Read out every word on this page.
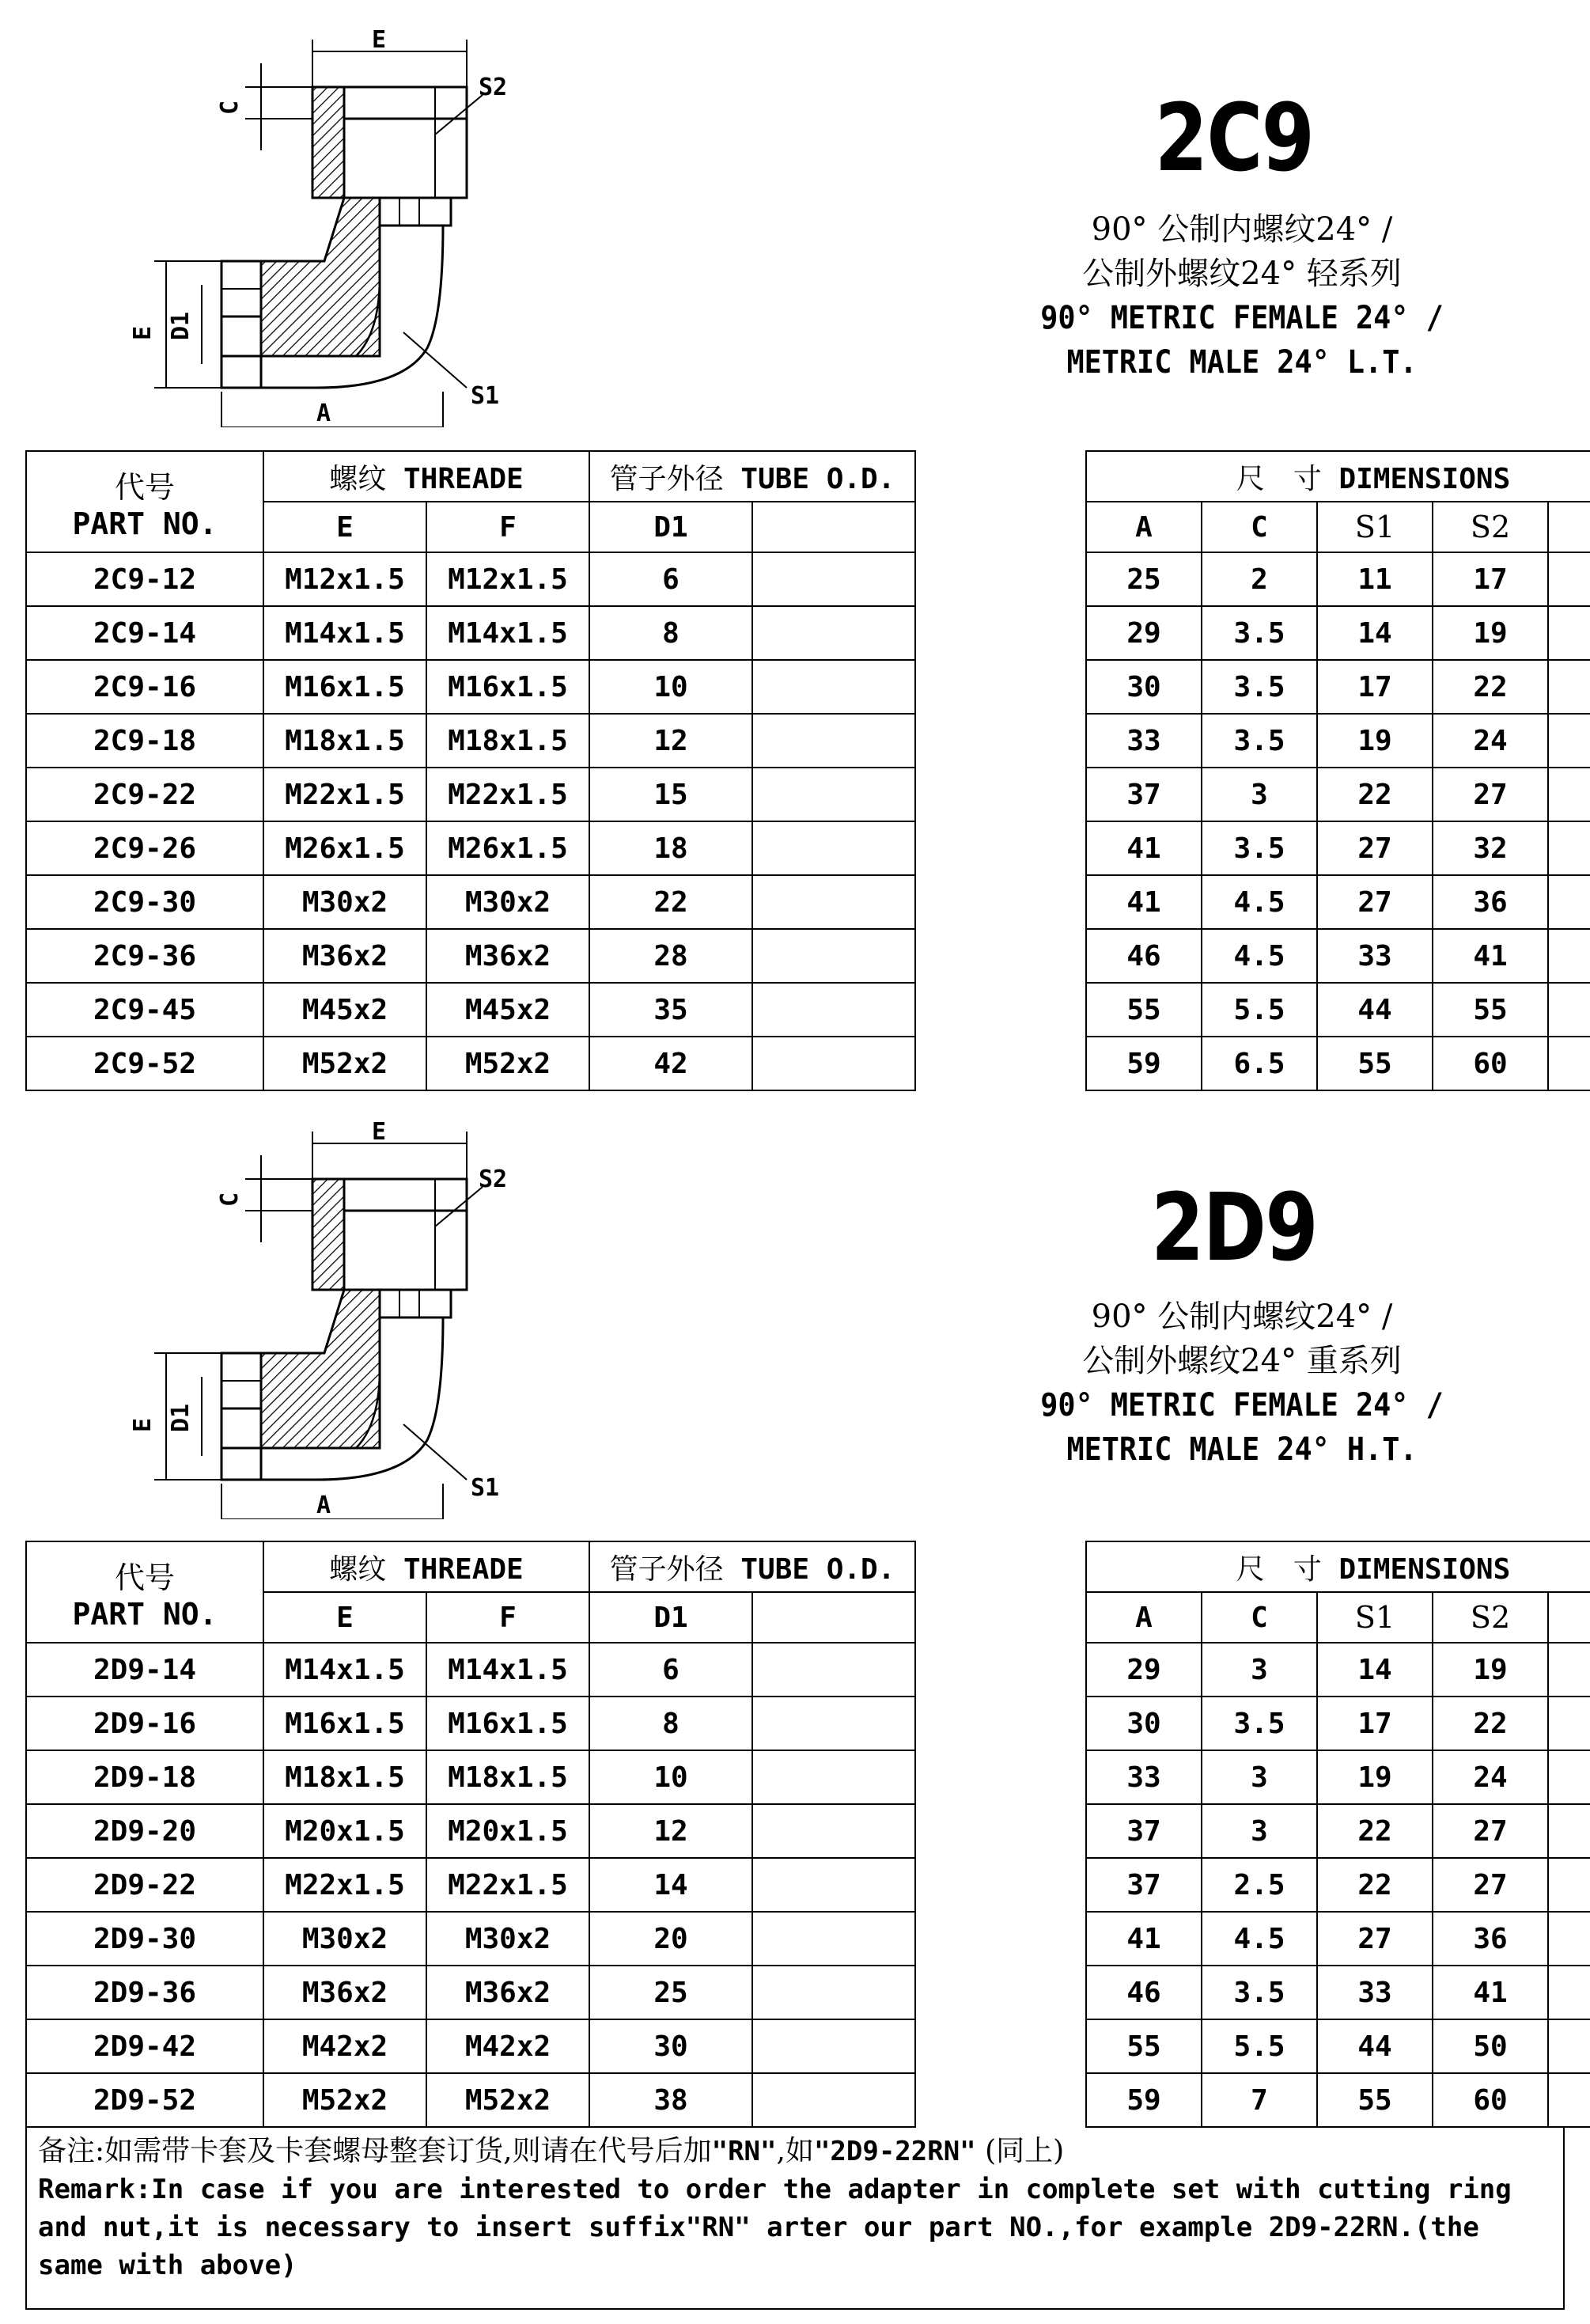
E
C
S2
S1
E D1
A
2C9
90° 公制内螺纹24° /
公制外螺纹24° 轻系列
90° METRIC FEMALE 24° /
METRIC MALE 24° L.T.
代号
PART NO.	螺纹 THREADE		管子外径 TUBE O.D.			尺　寸 DIMENSIONS				
	E	F	D1			A	C	S1	S2	
2C9-12	M12x1.5	M12x1.5	6			25	2	11	17	
2C9-14	M14x1.5	M14x1.5	8			29	3.5	14	19	
2C9-16	M16x1.5	M16x1.5	10			30	3.5	17	22	
2C9-18	M18x1.5	M18x1.5	12			33	3.5	19	24	
2C9-22	M22x1.5	M22x1.5	15			37	3	22	27	
2C9-26	M26x1.5	M26x1.5	18			41	3.5	27	32	
2C9-30	M30x2	M30x2	22			41	4.5	27	36	
2C9-36	M36x2	M36x2	28			46	4.5	33	41	
2C9-45	M45x2	M45x2	35			55	5.5	44	55	
2C9-52	M52x2	M52x2	42			59	6.5	55	60	
E
C
S2
S1
E D1
A
2D9
90° 公制内螺纹24° /
公制外螺纹24° 重系列
90° METRIC FEMALE 24° /
METRIC MALE 24° H.T.
代号
PART NO.	螺纹 THREADE		管子外径 TUBE O.D.			尺　寸 DIMENSIONS				
	E	F	D1			A	C	S1	S2	
2D9-14	M14x1.5	M14x1.5	6			29	3	14	19	
2D9-16	M16x1.5	M16x1.5	8			30	3.5	17	22	
2D9-18	M18x1.5	M18x1.5	10			33	3	19	24	
2D9-20	M20x1.5	M20x1.5	12			37	3	22	27	
2D9-22	M22x1.5	M22x1.5	14			37	2.5	22	27	
2D9-30	M30x2	M30x2	20			41	4.5	27	36	
2D9-36	M36x2	M36x2	25			46	3.5	33	41	
2D9-42	M42x2	M42x2	30			55	5.5	44	50	
2D9-52	M52x2	M52x2	38			59	7	55	60	
备注:如需带卡套及卡套螺母整套订货,则请在代号后加"RN",如"2D9-22RN" (同上)
Remark:In case if you are interested to order the adapter in complete set with cutting ring and nut,it is necessary to insert suffix"RN" arter our part NO.,for example 2D9-22RN.(the same with above)
